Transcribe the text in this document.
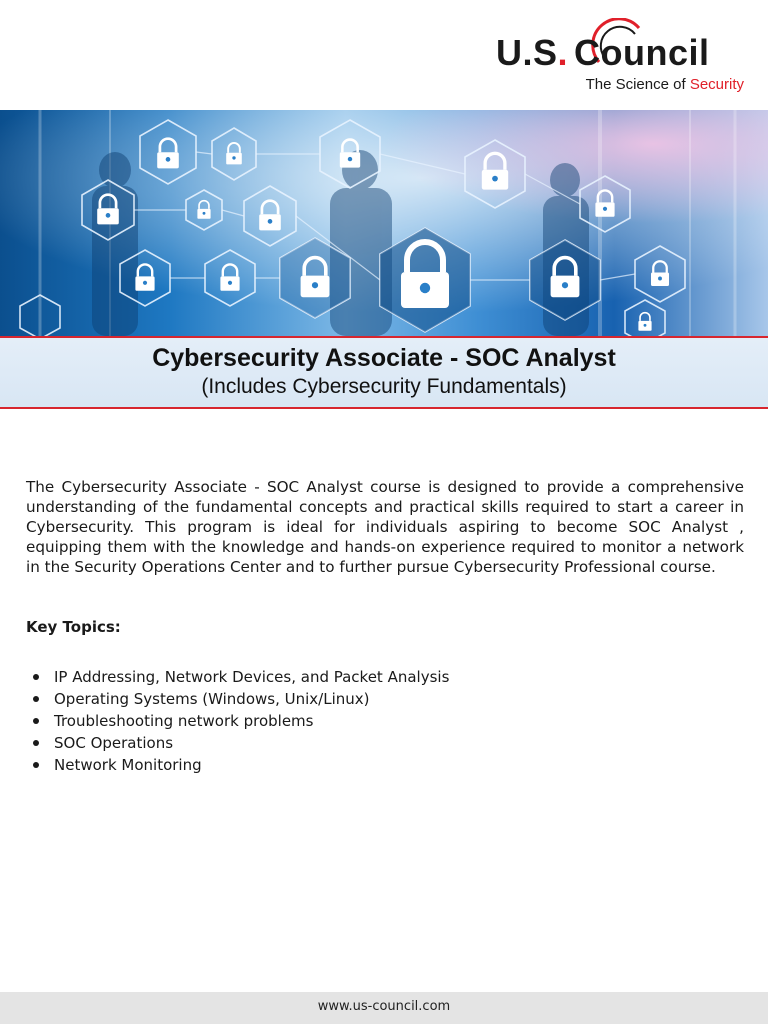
U.S. Council
The Science of Security
Cybersecurity Associate - SOC Analyst
(Includes Cybersecurity Fundamentals)

The Cybersecurity Associate - SOC Analyst course is designed to provide a comprehensive understanding of the fundamental concepts and practical skills required to start a career in Cybersecurity. This program is ideal for individuals aspiring to become SOC Analyst , equipping them with the knowledge and hands-on experience required to monitor a network in the Security Operations Center and to further pursue Cybersecurity Professional course.

Key Topics:
IP Addressing, Network Devices, and Packet Analysis
Operating Systems (Windows, Unix/Linux)
Troubleshooting network problems
SOC Operations
Network Monitoring
www.us-council.com
